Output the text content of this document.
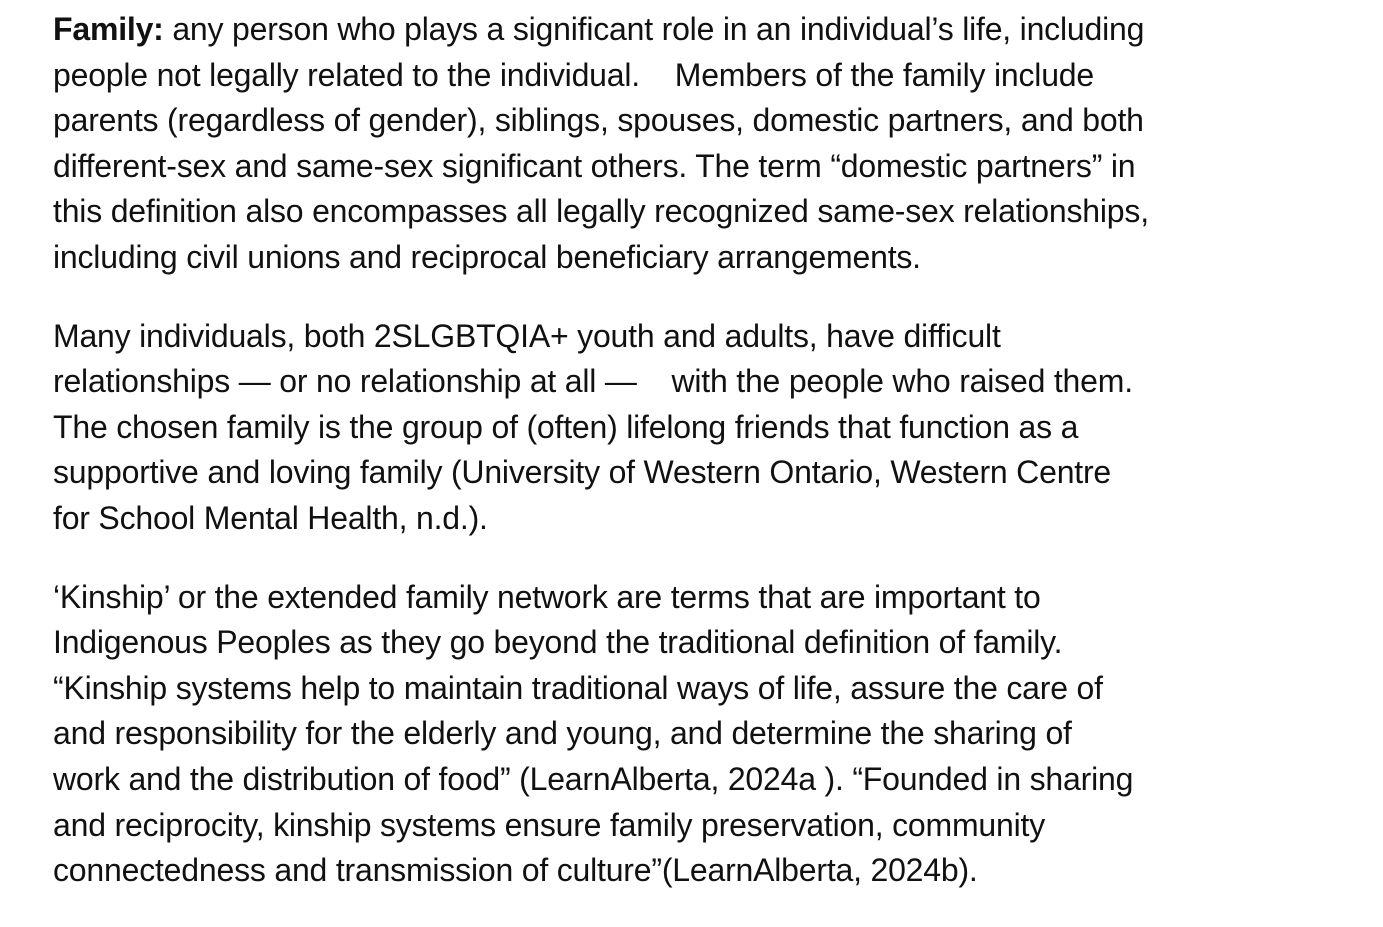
Family: any person who plays a significant role in an individual’s life, including
people not legally related to the individual.    Members of the family include
parents (regardless of gender), siblings, spouses, domestic partners, and both
different-sex and same-sex significant others. The term “domestic partners” in
this definition also encompasses all legally recognized same-sex relationships,
including civil unions and reciprocal beneficiary arrangements.

Many individuals, both 2SLGBTQIA+ youth and adults, have difficult
relationships — or no relationship at all —    with the people who raised them.
The chosen family is the group of (often) lifelong friends that function as a
supportive and loving family (University of Western Ontario, Western Centre
for School Mental Health, n.d.).

‘Kinship’ or the extended family network are terms that are important to
Indigenous Peoples as they go beyond the traditional definition of family.
“Kinship systems help to maintain traditional ways of life, assure the care of
and responsibility for the elderly and young, and determine the sharing of
work and the distribution of food” (LearnAlberta, 2024a ). “Founded in sharing
and reciprocity, kinship systems ensure family preservation, community
connectedness and transmission of culture”(LearnAlberta, 2024b).
